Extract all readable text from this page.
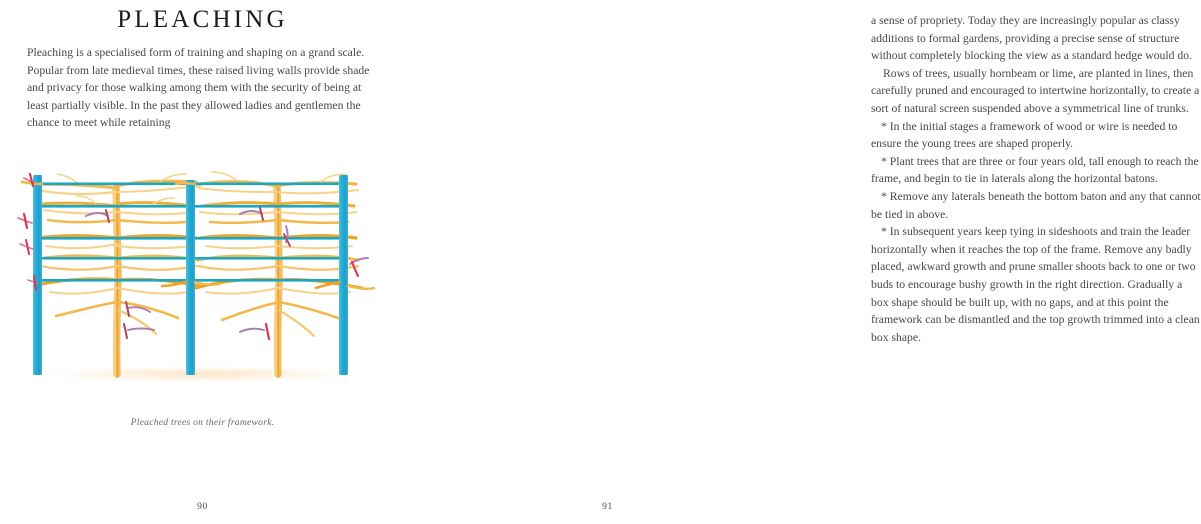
PLEACHING

Pleaching is a specialised form of training and shaping on a grand scale. Popular from late medieval times, these raised living walls provide shade and privacy for those walking among them with the security of being at least partially visible. In the past they allowed ladies and gentlemen the chance to meet while retaining

Pleached trees on their framework.
90

a sense of propriety. Today they are increasingly popular as classy additions to formal gardens, providing a precise sense of structure without completely blocking the view as a standard hedge would do.

Rows of trees, usually hornbeam or lime, are planted in lines, then carefully pruned and encouraged to intertwine horizontally, to create a sort of natural screen suspended above a symmetrical line of trunks.

* In the initial stages a framework of wood or wire is needed to ensure the young trees are shaped properly.

* Plant trees that are three or four years old, tall enough to reach the frame, and begin to tie in laterals along the horizontal batons.

* Remove any laterals beneath the bottom baton and any that cannot be tied in above.

* In subsequent years keep tying in sideshoots and train the leader horizontally when it reaches the top of the frame. Remove any badly placed, awkward growth and prune smaller shoots back to one or two buds to encourage bushy growth in the right direction. Gradually a box shape should be built up, with no gaps, and at this point the framework can be dismantled and the top growth trimmed into a clean box shape.

91
